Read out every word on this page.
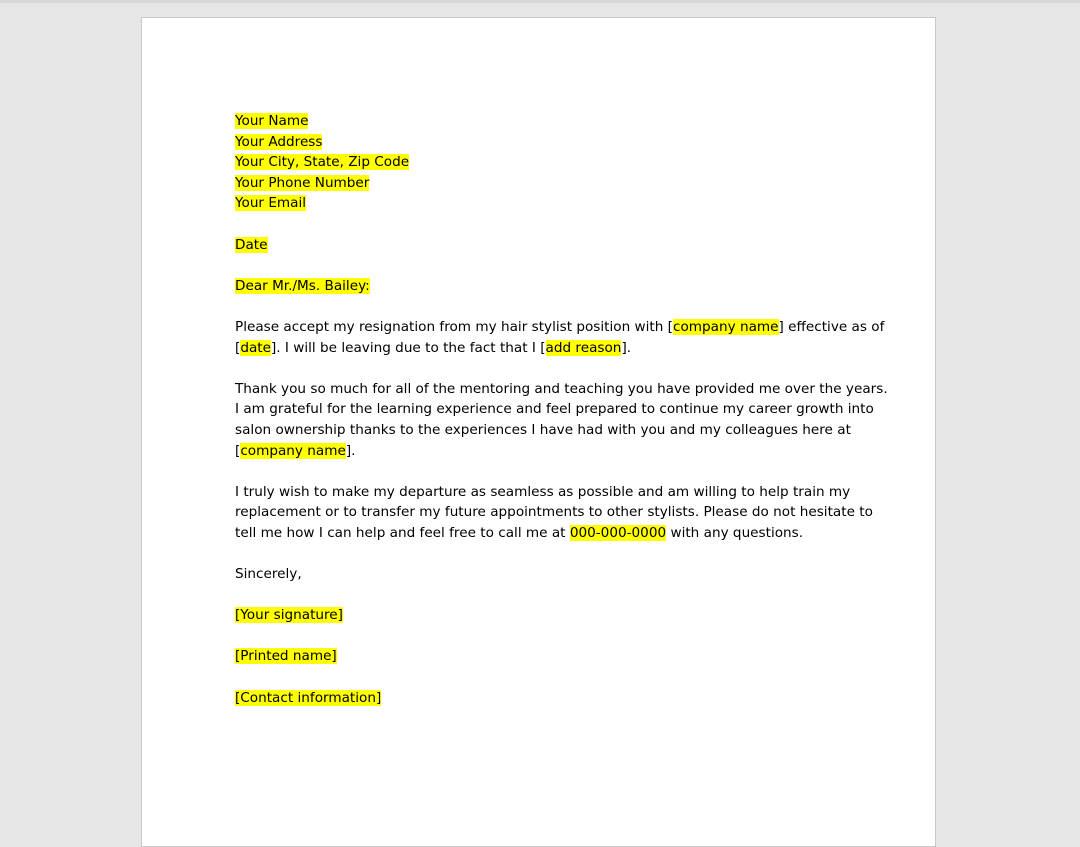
Your Name
Your Address
Your City, State, Zip Code
Your Phone Number
Your Email
Date
Dear Mr./Ms. Bailey:
Please accept my resignation from my hair stylist position with [company name] effective as of
[date]. I will be leaving due to the fact that I [add reason].
Thank you so much for all of the mentoring and teaching you have provided me over the years.
I am grateful for the learning experience and feel prepared to continue my career growth into
salon ownership thanks to the experiences I have had with you and my colleagues here at
[company name].
I truly wish to make my departure as seamless as possible and am willing to help train my
replacement or to transfer my future appointments to other stylists. Please do not hesitate to
tell me how I can help and feel free to call me at 000-000-0000 with any questions.
Sincerely,
[Your signature]
[Printed name]
[Contact information]
